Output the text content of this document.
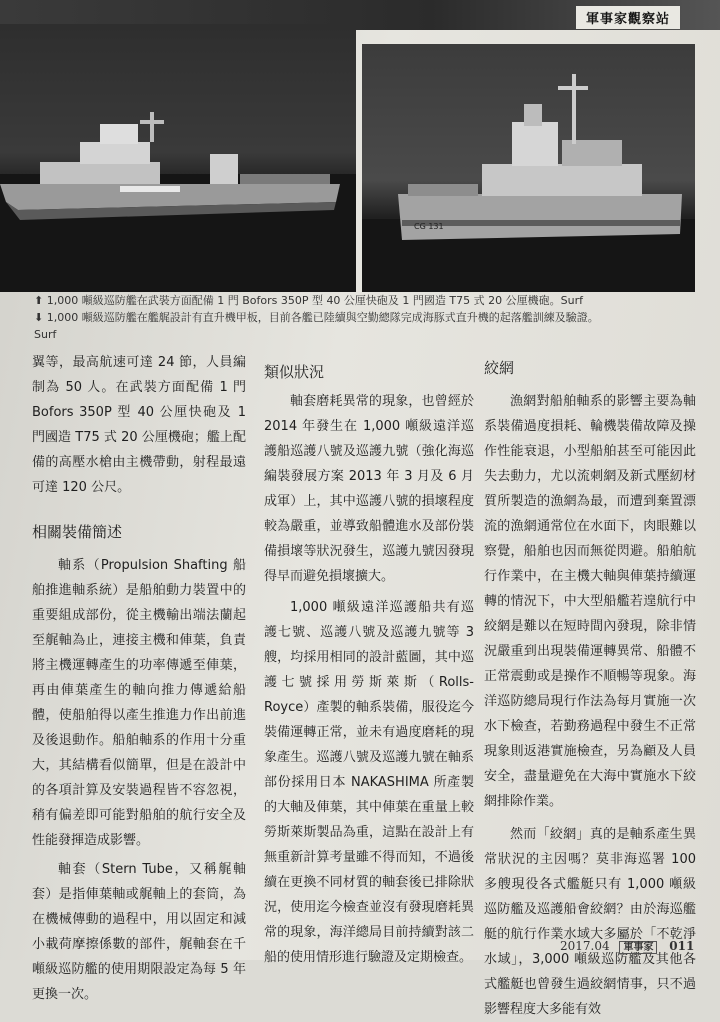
軍事家觀察站
CG 131
⬆ 1,000 噸級巡防艦在武裝方面配備 1 門 Bofors 350P 型 40 公厘快砲及 1 門國造 T75 式 20 公厘機砲。Surf
⬇ 1,000 噸級巡防艦在艦艉設計有直升機甲板，目前各艦已陸續與空勤總隊完成海豚式直升機的起落艦訓練及驗證。
Surf

翼等，最高航速可達 24 節，人員編制為 50 人。在武裝方面配備 1 門 Bofors 350P 型 40 公厘快砲及 1 門國造 T75 式 20 公厘機砲；艦上配備的高壓水槍由主機帶動，射程最遠可達 120 公尺。

相關裝備簡述

軸系（Propulsion Shafting 船舶推進軸系統）是船舶動力裝置中的重要組成部份，從主機輸出端法蘭起至艉軸為止，連接主機和俥葉，負責將主機運轉產生的功率傳遞至俥葉，再由俥葉產生的軸向推力傳遞給船體，使船舶得以產生推進力作出前進及後退動作。船舶軸系的作用十分重大，其結構看似簡單，但是在設計中的各項計算及安裝過程皆不容忽視，稍有偏差即可能對船舶的航行安全及性能發揮造成影響。

軸套（Stern Tube，又稱艉軸套）是指俥葉軸或艉軸上的套筒，為在機械傳動的過程中，用以固定和減小載荷摩擦係數的部件，艉軸套在千噸級巡防艦的使用期限設定為每 5 年更換一次。

類似狀況

軸套磨耗異常的現象，也曾經於 2014 年發生在 1,000 噸級遠洋巡護船巡護八號及巡護九號（強化海巡編裝發展方案 2013 年 3 月及 6 月成軍）上，其中巡護八號的損壞程度較為嚴重，並導致船體進水及部份裝備損壞等狀況發生，巡護九號因發現得早而避免損壞擴大。

1,000 噸級遠洋巡護船共有巡護七號、巡護八號及巡護九號等 3 艘，均採用相同的設計藍圖，其中巡護七號採用勞斯萊斯（Rolls-Royce）產製的軸系裝備，服役迄今裝備運轉正常，並未有過度磨耗的現象產生。巡護八號及巡護九號在軸系部份採用日本 NAKASHIMA 所產製的大軸及俥葉，其中俥葉在重量上較勞斯萊斯製品為重，這點在設計上有無重新計算考量雖不得而知，不過後續在更換不同材質的軸套後已排除狀況，使用迄今檢查並沒有發現磨耗異常的現象，海洋總局目前持續對該二船的使用情形進行驗證及定期檢查。

絞網

漁網對船舶軸系的影響主要為軸系裝備過度損耗、輪機裝備故障及操作性能衰退，小型船舶甚至可能因此失去動力，尤以流刺網及新式壓紉材質所製造的漁網為最，而遭到棄置漂流的漁網通常位在水面下，肉眼難以察覺，船舶也因而無從閃避。船舶航行作業中，在主機大軸與俥葉持續運轉的情況下，中大型船艦若遑航行中絞網是難以在短時間內發現，除非情況嚴重到出現裝備運轉異常、船體不正常震動或是操作不順暢等現象。海洋巡防總局現行作法為每月實施一次水下檢查，若勤務過程中發生不正常現象則返港實施檢查，另為顧及人員安全，盡量避免在大海中實施水下絞網排除作業。

然而「絞網」真的是軸系產生異常狀況的主因嗎？莫非海巡署 100 多艘現役各式艦艇只有 1,000 噸級巡防艦及巡護船會絞網？由於海巡艦艇的航行作業水域大多屬於「不乾淨水域」，3,000 噸級巡防艦及其他各式艦艇也曾發生過絞網情事，只不過影響程度大多能有效

2017.04 軍事家 011
